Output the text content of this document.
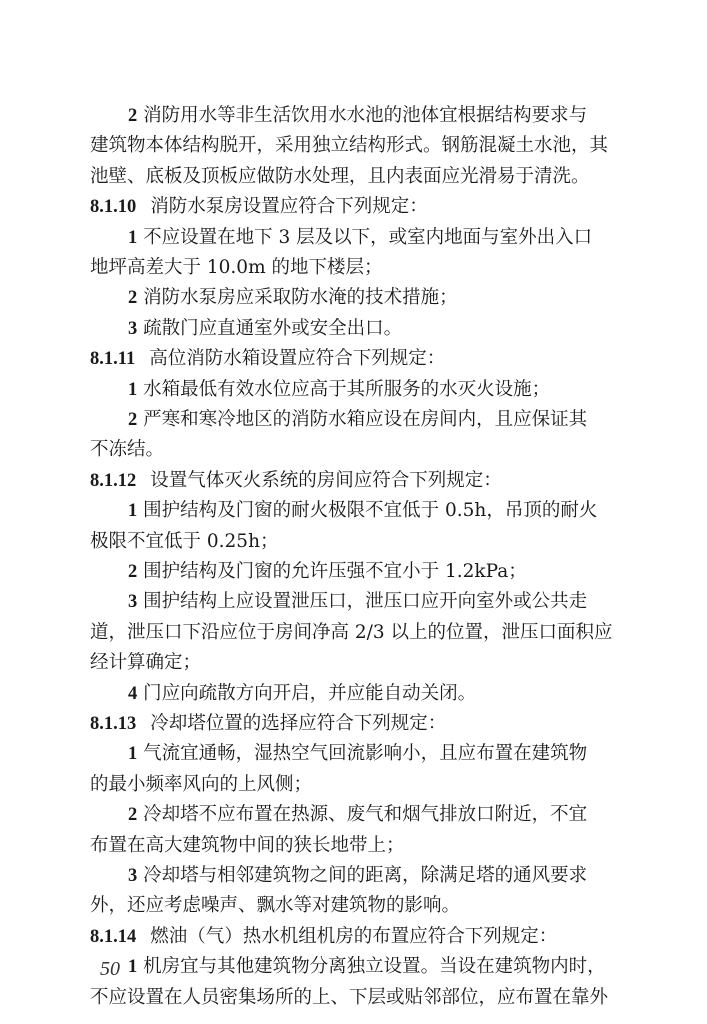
2 消防用水等非生活饮用水水池的池体宜根据结构要求与
建筑物本体结构脱开，采用独立结构形式。钢筋混凝土水池，其
池壁、底板及顶板应做防水处理，且内表面应光滑易于清洗。
8.1.10 消防水泵房设置应符合下列规定：
1 不应设置在地下 3 层及以下，或室内地面与室外出入口
地坪高差大于 10.0m 的地下楼层；
2 消防水泵房应采取防水淹的技术措施；
3 疏散门应直通室外或安全出口。
8.1.11 高位消防水箱设置应符合下列规定：
1 水箱最低有效水位应高于其所服务的水灭火设施；
2 严寒和寒冷地区的消防水箱应设在房间内，且应保证其
不冻结。
8.1.12 设置气体灭火系统的房间应符合下列规定：
1 围护结构及门窗的耐火极限不宜低于 0.5h，吊顶的耐火
极限不宜低于 0.25h；
2 围护结构及门窗的允许压强不宜小于 1.2kPa；
3 围护结构上应设置泄压口，泄压口应开向室外或公共走
道，泄压口下沿应位于房间净高 2/3 以上的位置，泄压口面积应
经计算确定；
4 门应向疏散方向开启，并应能自动关闭。
8.1.13 冷却塔位置的选择应符合下列规定：
1 气流宜通畅，湿热空气回流影响小，且应布置在建筑物
的最小频率风向的上风侧；
2 冷却塔不应布置在热源、废气和烟气排放口附近，不宜
布置在高大建筑物中间的狭长地带上；
3 冷却塔与相邻建筑物之间的距离，除满足塔的通风要求
外，还应考虑噪声、飘水等对建筑物的影响。
8.1.14 燃油（气）热水机组机房的布置应符合下列规定：
1 机房宜与其他建筑物分离独立设置。当设在建筑物内时，
不应设置在人员密集场所的上、下层或贴邻部位，应布置在靠外
50
